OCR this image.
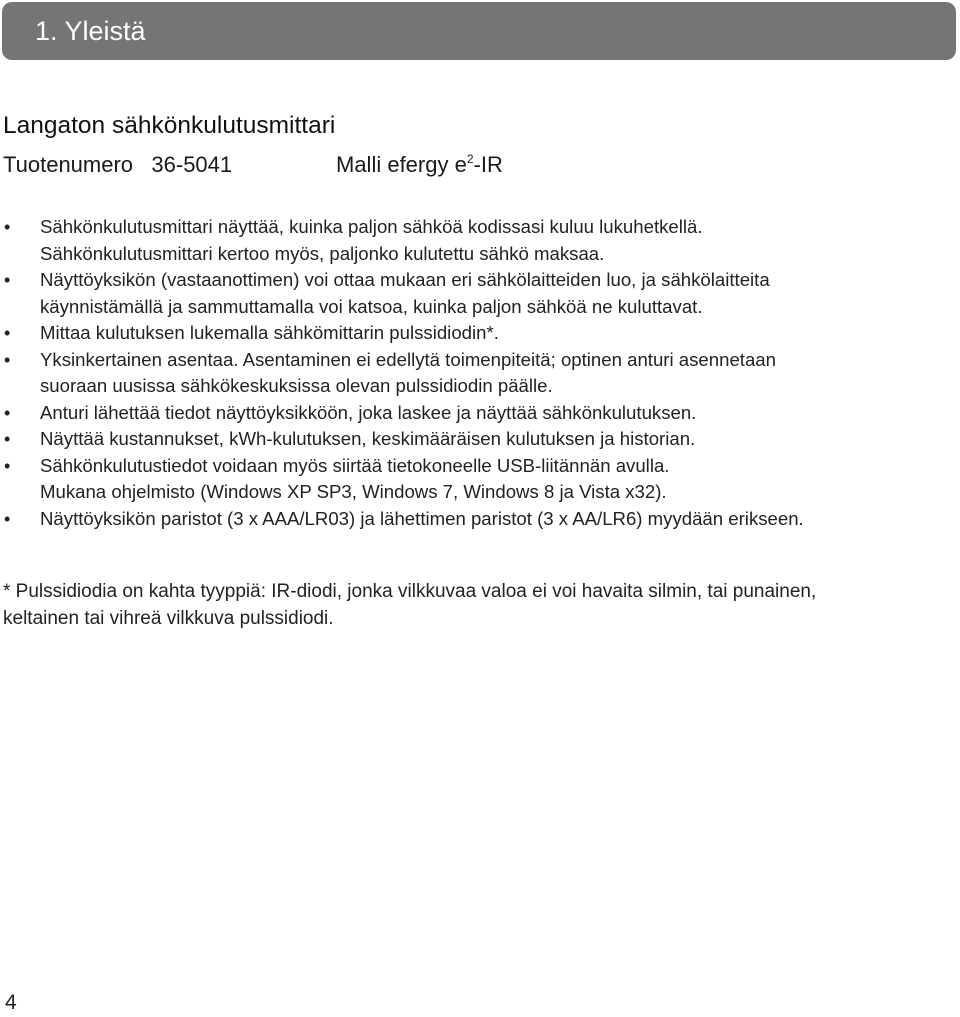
1. Yleistä
Langaton sähkönkulutusmittari
Tuotenumero 36-5041	Malli efergy $e^2-IR$
•	Sähkönkulutusmittari näyttää, kuinka paljon sähköä kodissasi kuluu lukuhetkellä.
Sähkönkulutusmittari kertoo myös, paljonko kulutettu sähkö maksaa.
•	Näyttöyksikön (vastaanottimen) voi ottaa mukaan eri sähkölaitteiden luo, ja sähkölaitteita
käynnistämällä ja sammuttamalla voi katsoa, kuinka paljon sähköä ne kuluttavat.
•	Mittaa kulutuksen lukemalla sähkömittarin pulssidiodin*.
•	Yksinkertainen asentaa. Asentaminen ei edellytä toimenpiteitä; optinen anturi asennetaan
suoraan uusissa sähkökeskuksissa olevan pulssidiodin päälle.
•	Anturi lähettää tiedot näyttöyksikköön, joka laskee ja näyttää sähkönkulutuksen.
•	Näyttää kustannukset, kWh-kulutuksen, keskimääräisen kulutuksen ja historian.
•	Sähkönkulutustiedot voidaan myös siirtää tietokoneelle USB-liitännän avulla.
Mukana ohjelmisto (Windows XP SP3, Windows 7, Windows 8 ja Vista x32).
•	Näyttöyksikön paristot (3 x AAA/LR03) ja lähettimen paristot (3 x AA/LR6) myydään erikseen.
* Pulssidiodia on kahta tyyppiä: IR-diodi, jonka vilkkuvaa valoa ei voi havaita silmin, tai punainen,
keltainen tai vihreä vilkkuva pulssidiodi.
4
